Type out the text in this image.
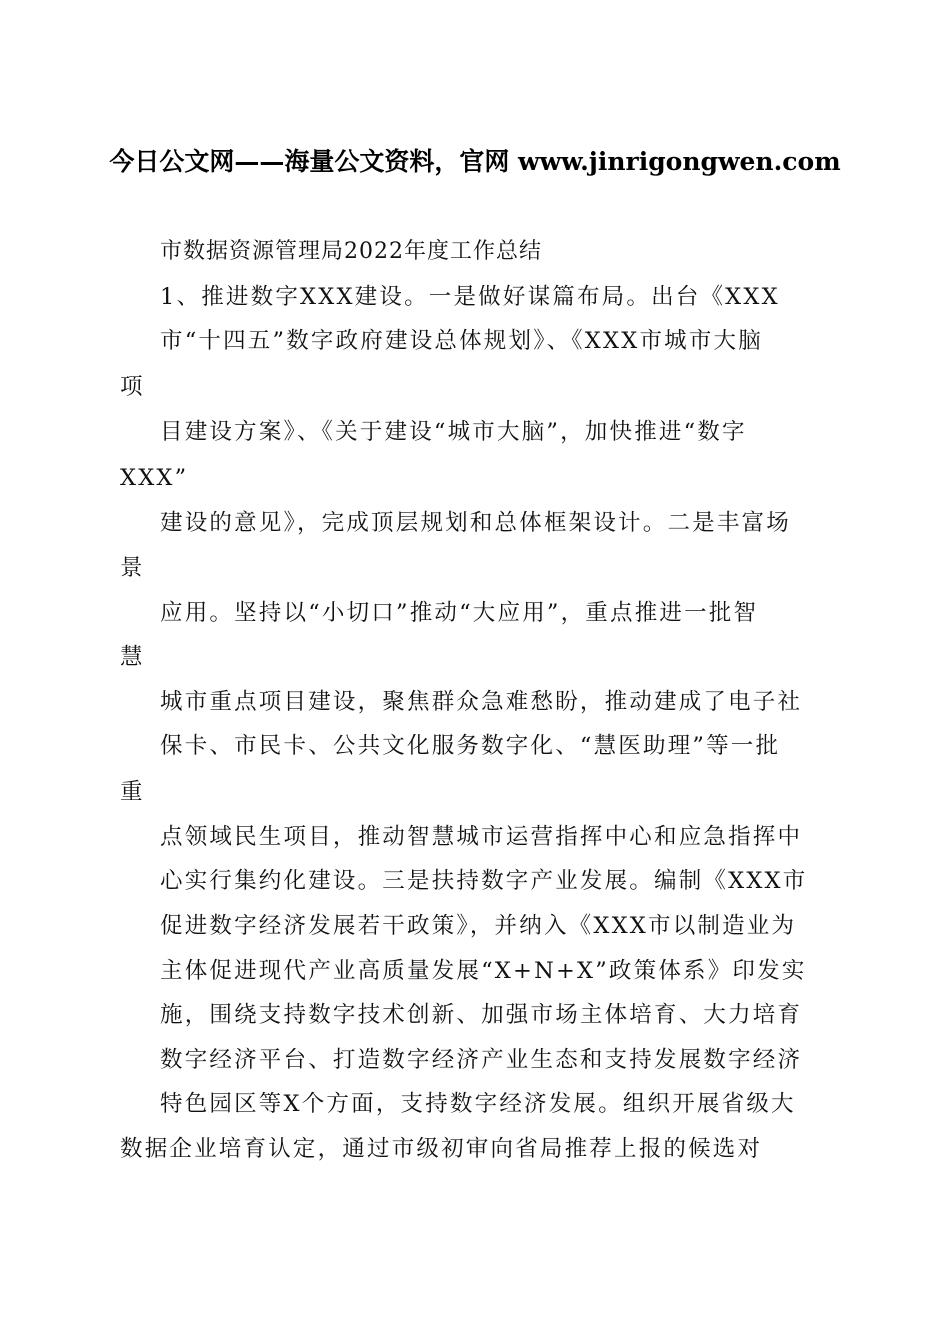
今日公文网——海量公文资料，官网 www.jinrigongwen.com
市数据资源管理局2022年度工作总结
1、推进数字XXX建设。一是做好谋篇布局。出台《XXX
市“十四五”数字政府建设总体规划》、《XXX市城市大脑
项
目建设方案》、《关于建设“城市大脑”，加快推进“数字
XXX”
建设的意见》，完成顶层规划和总体框架设计。二是丰富场
景
应用。坚持以“小切口”推动“大应用”，重点推进一批智
慧
城市重点项目建设，聚焦群众急难愁盼，推动建成了电子社
保卡、市民卡、公共文化服务数字化、“慧医助理”等一批
重
点领域民生项目，推动智慧城市运营指挥中心和应急指挥中
心实行集约化建设。三是扶持数字产业发展。编制《XXX市
促进数字经济发展若干政策》，并纳入《XXX市以制造业为
主体促进现代产业高质量发展“X+N+X”政策体系》印发实
施，围绕支持数字技术创新、加强市场主体培育、大力培育
数字经济平台、打造数字经济产业生态和支持发展数字经济
特色园区等X个方面，支持数字经济发展。组织开展省级大
数据企业培育认定，通过市级初审向省局推荐上报的候选对
